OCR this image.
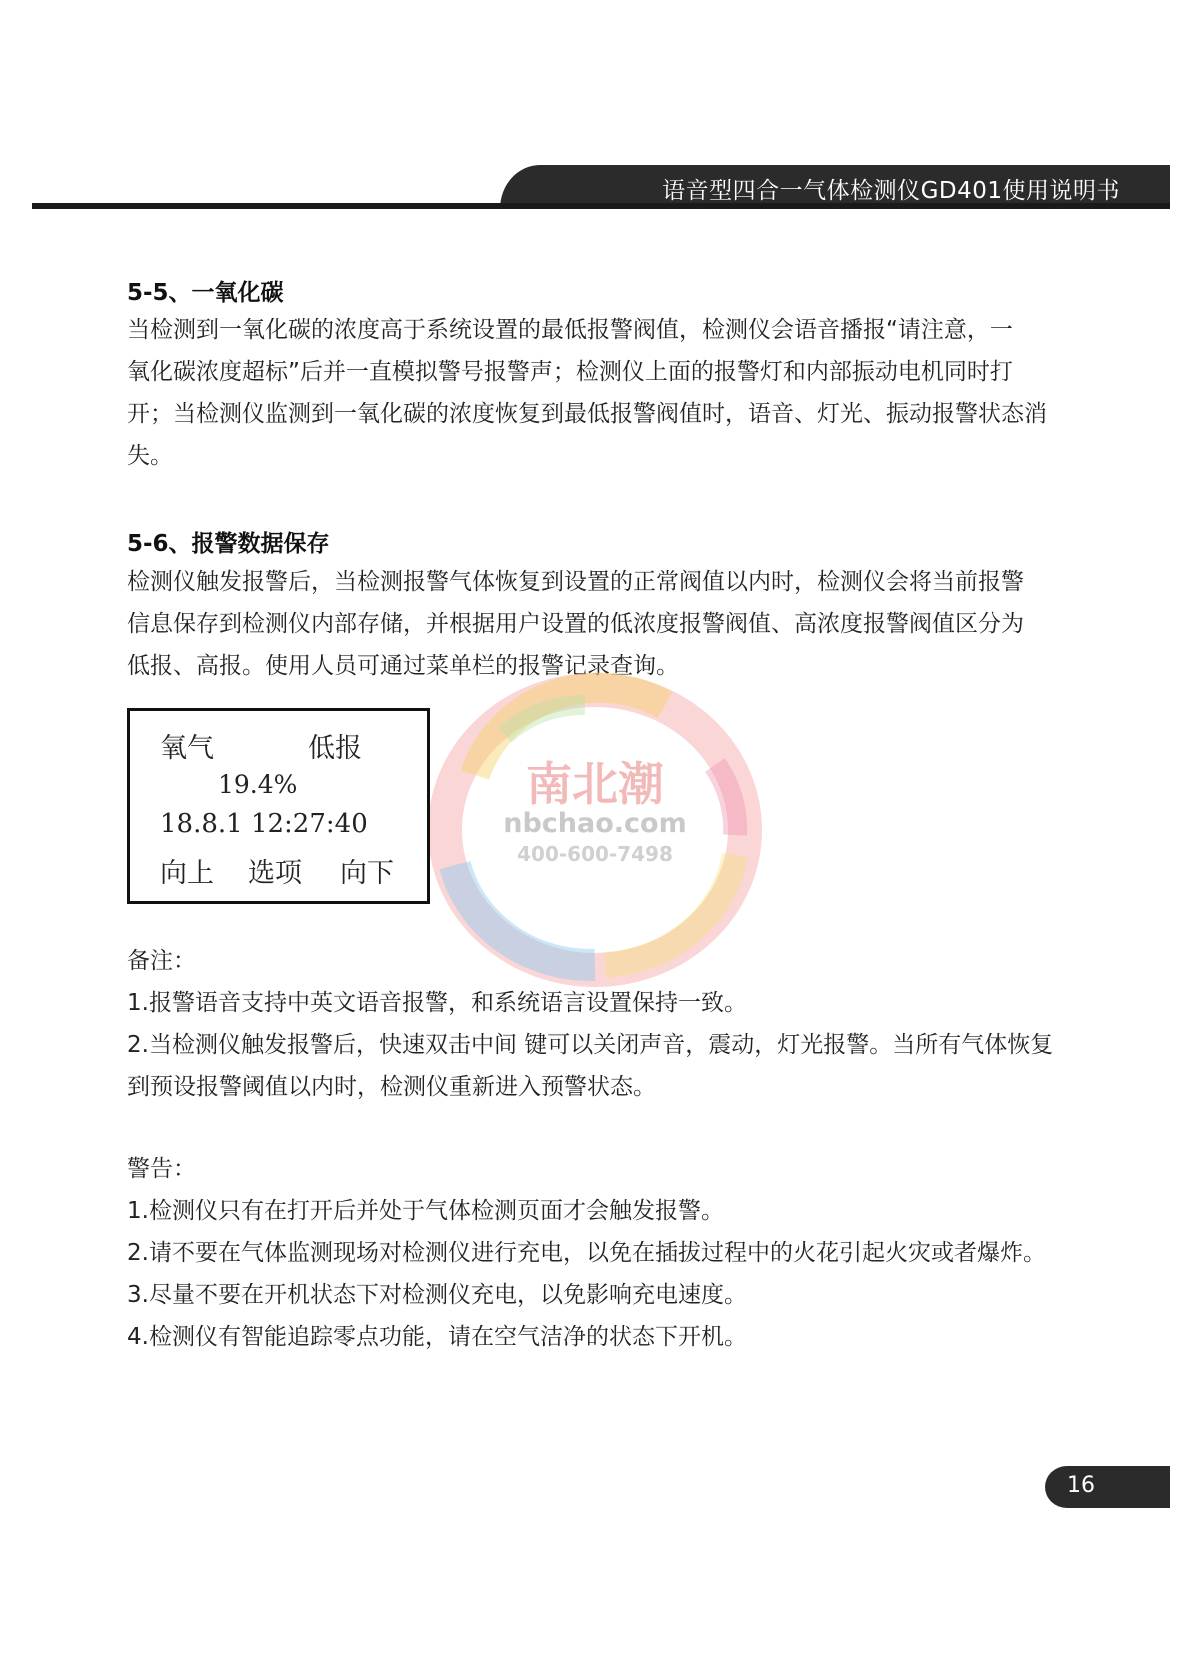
语音型四合一气体检测仪GD401使用说明书
5-5、一氧化碳
当检测到一氧化碳的浓度高于系统设置的最低报警阀值，检测仪会语音播报“请注意，一
氧化碳浓度超标”后并一直模拟警号报警声；检测仪上面的报警灯和内部振动电机同时打
开；当检测仪监测到一氧化碳的浓度恢复到最低报警阀值时，语音、灯光、振动报警状态消
失。
5-6、报警数据保存
检测仪触发报警后，当检测报警气体恢复到设置的正常阀值以内时，检测仪会将当前报警
信息保存到检测仪内部存储，并根据用户设置的低浓度报警阀值、高浓度报警阀值区分为
低报、高报。使用人员可通过菜单栏的报警记录查询。
南北潮
nbchao.com
400-600-7498
氧气	低报
19.4%
18.8.1 12:27:40
向上 选项 向下
备注：
1.报警语音支持中英文语音报警，和系统语言设置保持一致。
2.当检测仪触发报警后，快速双击中间 键可以关闭声音，震动，灯光报警。当所有气体恢复
到预设报警阈值以内时，检测仪重新进入预警状态。
警告：
1.检测仪只有在打开后并处于气体检测页面才会触发报警。
2.请不要在气体监测现场对检测仪进行充电，以免在插拔过程中的火花引起火灾或者爆炸。
3.尽量不要在开机状态下对检测仪充电，以免影响充电速度。
4.检测仪有智能追踪零点功能，请在空气洁净的状态下开机。
16
